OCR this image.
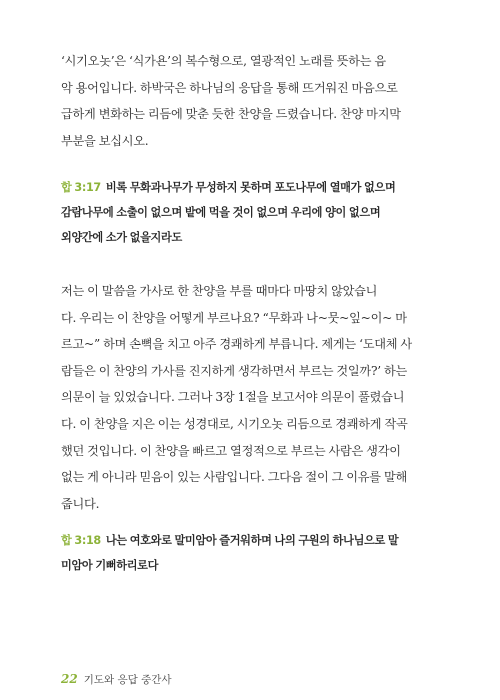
‘시기오놋’은 ‘식가욘’의 복수형으로, 열광적인 노래를 뜻하는 음
악 용어입니다. 하박국은 하나님의 응답을 통해 뜨거워진 마음으로
급하게 변화하는 리듬에 맞춘 듯한 찬양을 드렸습니다. 찬양 마지막
부분을 보십시오.
합 3:17 비록 무화과나무가 무성하지 못하며 포도나무에 열매가 없으며
감람나무에 소출이 없으며 밭에 먹을 것이 없으며 우리에 양이 없으며
외양간에 소가 없을지라도
저는 이 말씀을 가사로 한 찬양을 부를 때마다 마땅치 않았습니
다. 우리는 이 찬양을 어떻게 부르나요? “무화과 나~뭇~잎~이~ 마
르고~” 하며 손뼉을 치고 아주 경쾌하게 부릅니다. 제게는 ‘도대체 사
람들은 이 찬양의 가사를 진지하게 생각하면서 부르는 것일까?’ 하는
의문이 늘 있었습니다. 그러나 3장 1절을 보고서야 의문이 풀렸습니
다. 이 찬양을 지은 이는 성경대로, 시기오놋 리듬으로 경쾌하게 작곡
했던 것입니다. 이 찬양을 빠르고 열정적으로 부르는 사람은 생각이
없는 게 아니라 믿음이 있는 사람입니다. 그다음 절이 그 이유를 말해
줍니다.
합 3:18 나는 여호와로 말미암아 즐거워하며 나의 구원의 하나님으로 말
미암아 기뻐하리로다
22 기도와 응답 중간사
